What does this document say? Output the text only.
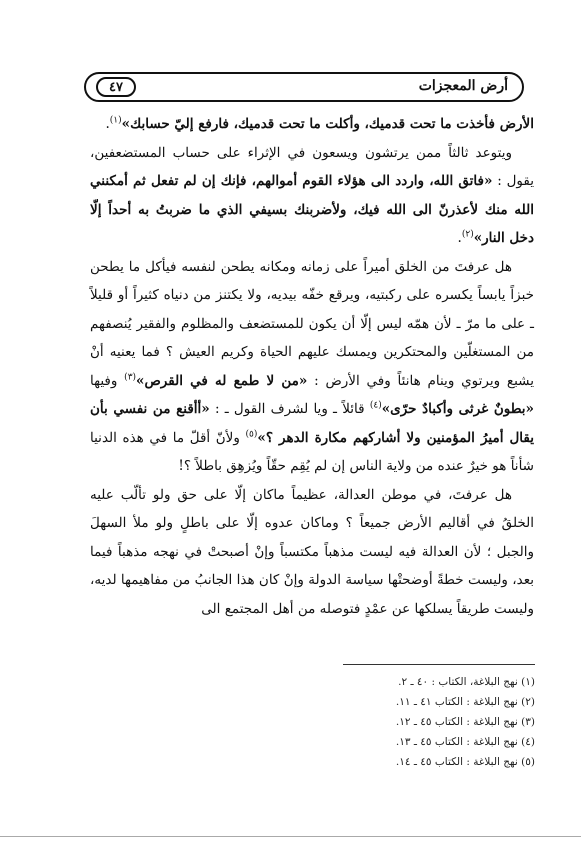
٤٧	أرض المعجزات

الأرض فأخذت ما تحت قدميك، وأكلت ما تحت قدميك، فارفع إليّ حسابك»$^{(١)}$.

ويتوعد ثالثاً ممن يرتشون ويسعون في الإثراء على حساب المستضعفين، يقول : «فاتق الله، واردد الى هؤلاء القوم أموالهم، فإنك إن لم تفعل ثم أمكنني الله منك لأعذرنّ الى الله فيك، ولأضربنك بسيفي الذي ما ضربتُ به أحداً إلّا دخل النار»$^{(٢)}$.

هل عرفتَ من الخلق أميراً على زمانه ومكانه يطحن لنفسه فيأكل ما يطحن خبزاً يابساً يكسره على ركبتيه، ويرقع خفّه بيديه، ولا يكتنز من دنياه كثيراً أو قليلاً ـ على ما مرّ ـ لأن همّه ليس إلّا أن يكون للمستضعف والمظلوم والفقير يُنصفهم من المستغلّين والمحتكرين ويمسك عليهم الحياة وكريم العيش ؟ فما يعنيه أنْ يشبع ويرتوي وينام هانئاً وفي الأرض : «من لا طمع له في القرص»$^{(٣)}$ وفيها «بطونٌ غرثى وأكبادٌ حرّى»$^{(٤)}$ قائلاً ـ ويا لشرف القول ـ : «أأقنع من نفسي بأن يقال أميرُ المؤمنين ولا أشاركهم مكارة الدهر ؟»$^{(٥)}$ ولأنّ أقلّ ما في هذه الدنيا شأناً هو خيرٌ عنده من ولاية الناس إن لم يُقِم حقّاً ويُزهِق باطلاً ؟!

هل عرفتَ، في موطن العدالة، عظيماً ماكان إلّا على حق ولو تألّب عليه الخلقُ في أقاليم الأرض جميعاً ؟ وماكان عدوه إلّا على باطلٍ ولو ملأ السهلَ والجبل ؛ لأن العدالة فيه ليست مذهباً مكتسباً وإنْ أصبحتْ في نهجه مذهباً فيما بعد، وليست خطةً أوضحتْها سياسة الدولة وإنْ كان هذا الجانبُ من مفاهيمها لديه، وليست طريقاً يسلكها عن عمْدٍ فتوصله من أهل المجتمع الى

(١) نهج البلاغة، الكتاب : ٤٠ ـ ٢.
(٢) نهج البلاغة : الكتاب ٤١ ـ ١١.
(٣) نهج البلاغة : الكتاب ٤٥ ـ ١٢.
(٤) نهج البلاغة : الكتاب ٤٥ ـ ١٣.
(٥) نهج البلاغة : الكتاب ٤٥ ـ ١٤.
